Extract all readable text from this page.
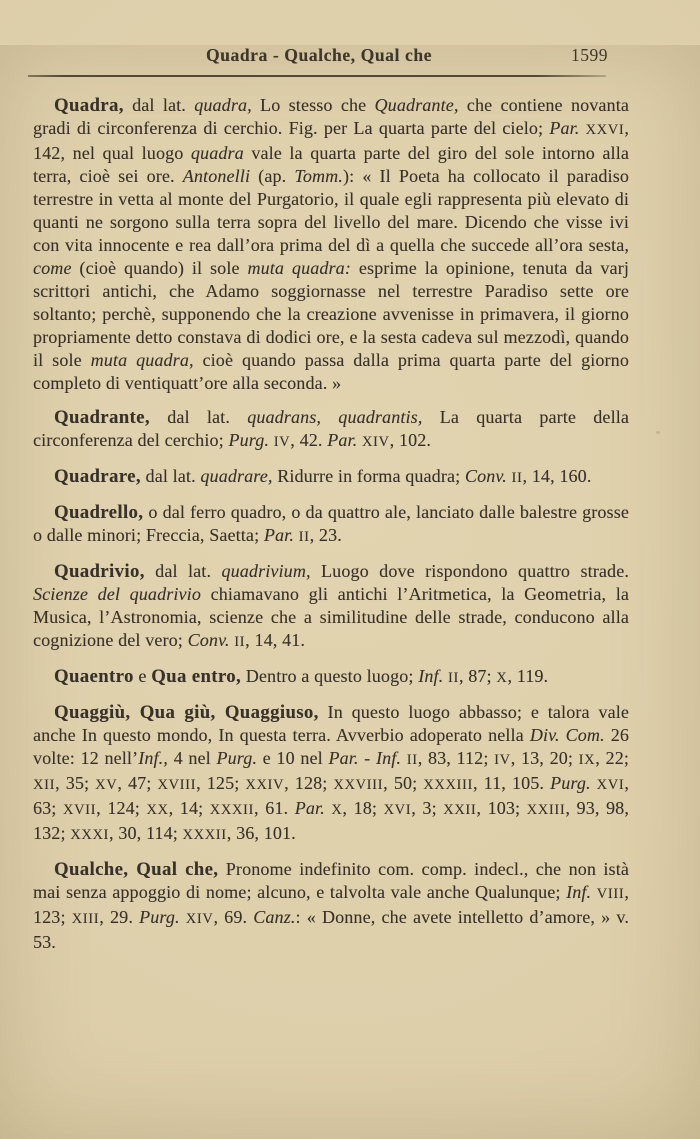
Quadra - Qualche, Qual che	1599

Quadra, dal lat. quadra, Lo stesso che Quadrante, che contiene novanta gradi di circonferenza di cerchio. Fig. per La quarta parte del cielo; Par. XXVI, 142, nel qual luogo quadra vale la quarta parte del giro del sole intorno alla terra, cioè sei ore. Antonelli (ap. Tomm.): « Il Poeta ha collocato il paradiso terrestre in vetta al monte del Purgatorio, il quale egli rappresenta più elevato di quanti ne sorgono sulla terra sopra del livello del mare. Dicendo che visse ivi con vita innocente e rea dall’ora prima del dì a quella che succede all’ora sesta, come (cioè quando) il sole muta quadra: esprime la opinione, tenuta da varj scrittori antichi, che Adamo soggiornasse nel terrestre Paradiso sette ore soltanto; perchè, supponendo che la creazione avvenisse in primavera, il giorno propriamente detto constava di dodici ore, e la sesta cadeva sul mezzodì, quando il sole muta quadra, cioè quando passa dalla prima quarta parte del giorno completo di ventiquatt’ore alla seconda. »

Quadrante, dal lat. quadrans, quadrantis, La quarta parte della circonferenza del cerchio; Purg. IV, 42. Par. XIV, 102.

Quadrare, dal lat. quadrare, Ridurre in forma quadra; Conv. II, 14, 160.

Quadrello, o dal ferro quadro, o da quattro ale, lanciato dalle balestre grosse o dalle minori; Freccia, Saetta; Par. II, 23.

Quadrivio, dal lat. quadrivium, Luogo dove rispondono quattro strade. Scienze del quadrivio chiamavano gli antichi l’Aritmetica, la Geometria, la Musica, l’Astronomia, scienze che a similitudine delle strade, conducono alla cognizione del vero; Conv. II, 14, 41.

Quaentro e Qua entro, Dentro a questo luogo; Inf. II, 87; X, 119.

Quaggiù, Qua giù, Quaggiuso, In questo luogo abbasso; e talora vale anche In questo mondo, In questa terra. Avverbio adoperato nella Div. Com. 26 volte: 12 nell’Inf., 4 nel Purg. e 10 nel Par. - Inf. II, 83, 112; IV, 13, 20; IX, 22; XII, 35; XV, 47; XVIII, 125; XXIV, 128; XXVIII, 50; XXXIII, 11, 105. Purg. XVI, 63; XVII, 124; XX, 14; XXXII, 61. Par. X, 18; XVI, 3; XXII, 103; XXIII, 93, 98, 132; XXXI, 30, 114; XXXII, 36, 101.

Qualche, Qual che, Pronome indefinito com. comp. indecl., che non istà mai senza appoggio di nome; alcuno, e talvolta vale anche Qualunque; Inf. VIII, 123; XIII, 29. Purg. XIV, 69. Canz.: « Donne, che avete intelletto d’amore, » v. 53.
